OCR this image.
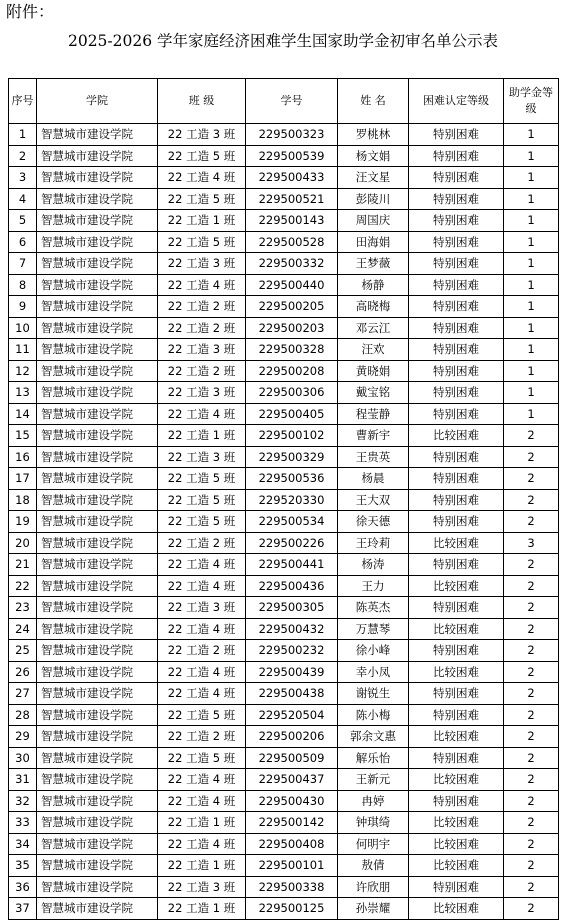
附件：
2025-2026 学年家庭经济困难学生国家助学金初审名单公示表
序号	学院	班 级	学号	姓 名	困难认定等级	助学金等级
1	智慧城市建设学院	22 工造 3 班	229500323	罗桃林	特别困难	1
2	智慧城市建设学院	22 工造 5 班	229500539	杨文娟	特别困难	1
3	智慧城市建设学院	22 工造 4 班	229500433	汪文星	特别困难	1
4	智慧城市建设学院	22 工造 5 班	229500521	彭陵川	特别困难	1
5	智慧城市建设学院	22 工造 1 班	229500143	周国庆	特别困难	1
6	智慧城市建设学院	22 工造 5 班	229500528	田海娟	特别困难	1
7	智慧城市建设学院	22 工造 3 班	229500332	王梦薇	特别困难	1
8	智慧城市建设学院	22 工造 4 班	229500440	杨静	特别困难	1
9	智慧城市建设学院	22 工造 2 班	229500205	高晓梅	特别困难	1
10	智慧城市建设学院	22 工造 2 班	229500203	邓云江	特别困难	1
11	智慧城市建设学院	22 工造 3 班	229500328	汪欢	特别困难	1
12	智慧城市建设学院	22 工造 2 班	229500208	黄晓娟	特别困难	1
13	智慧城市建设学院	22 工造 3 班	229500306	戴宝铭	特别困难	1
14	智慧城市建设学院	22 工造 4 班	229500405	程莹静	特别困难	1
15	智慧城市建设学院	22 工造 1 班	229500102	曹新宇	比较困难	2
16	智慧城市建设学院	22 工造 3 班	229500329	王贵英	特别困难	2
17	智慧城市建设学院	22 工造 5 班	229500536	杨晨	特别困难	2
18	智慧城市建设学院	22 工造 5 班	229520330	王大双	特别困难	2
19	智慧城市建设学院	22 工造 5 班	229500534	徐天德	特别困难	2
20	智慧城市建设学院	22 工造 2 班	229500226	王玲莉	比较困难	3
21	智慧城市建设学院	22 工造 4 班	229500441	杨涛	特别困难	2
22	智慧城市建设学院	22 工造 4 班	229500436	王力	比较困难	2
23	智慧城市建设学院	22 工造 3 班	229500305	陈英杰	特别困难	2
24	智慧城市建设学院	22 工造 4 班	229500432	万慧琴	比较困难	2
25	智慧城市建设学院	22 工造 2 班	229500232	徐小峰	特别困难	2
26	智慧城市建设学院	22 工造 4 班	229500439	幸小凤	比较困难	2
27	智慧城市建设学院	22 工造 4 班	229500438	谢锐生	特别困难	2
28	智慧城市建设学院	22 工造 5 班	229520504	陈小梅	特别困难	2
29	智慧城市建设学院	22 工造 2 班	229500206	郭余文惠	比较困难	2
30	智慧城市建设学院	22 工造 5 班	229500509	解乐怡	特别困难	2
31	智慧城市建设学院	22 工造 4 班	229500437	王新元	比较困难	2
32	智慧城市建设学院	22 工造 4 班	229500430	冉婷	特别困难	2
33	智慧城市建设学院	22 工造 1 班	229500142	钟琪绮	比较困难	2
34	智慧城市建设学院	22 工造 4 班	229500408	何明宇	比较困难	2
35	智慧城市建设学院	22 工造 1 班	229500101	敖倩	比较困难	2
36	智慧城市建设学院	22 工造 3 班	229500338	许欣朋	特别困难	2
37	智慧城市建设学院	22 工造 1 班	229500125	孙崇耀	比较困难	2
